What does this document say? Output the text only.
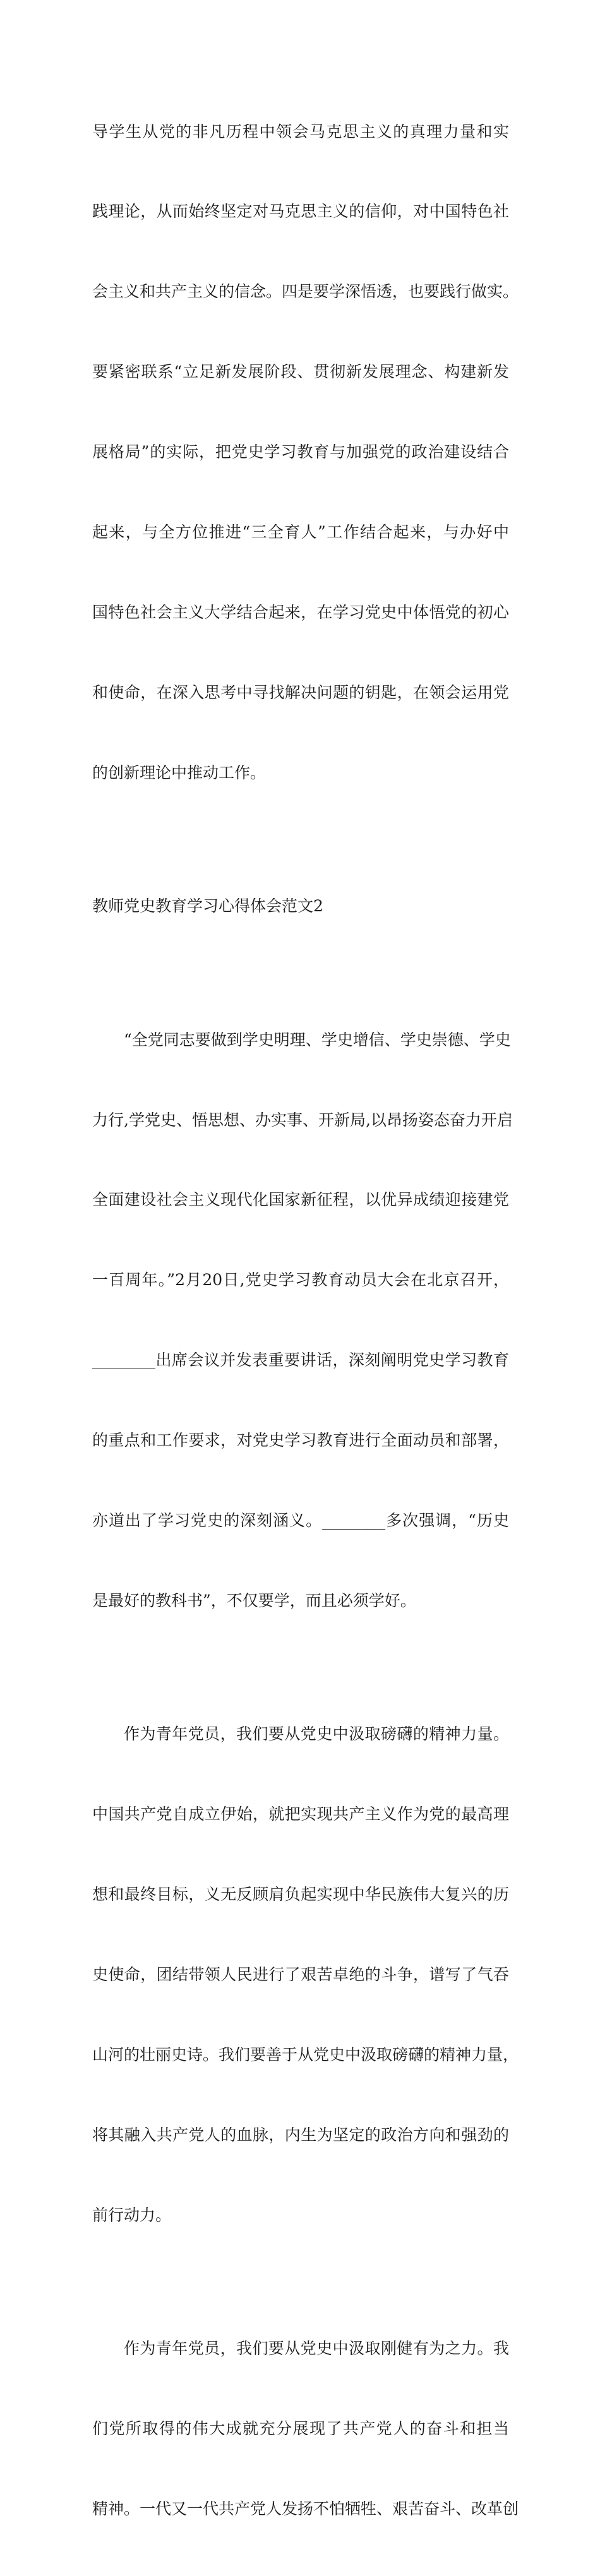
导学生从党的非凡历程中领会马克思主义的真理力量和实

践理论，从而始终坚定对马克思主义的信仰，对中国特色社

会主义和共产主义的信念。四是要学深悟透，也要践行做实。

要紧密联系“立足新发展阶段、贯彻新发展理念、构建新发

展格局”的实际，把党史学习教育与加强党的政治建设结合

起来，与全方位推进“三全育人”工作结合起来，与办好中

国特色社会主义大学结合起来，在学习党史中体悟党的初心

和使命，在深入思考中寻找解决问题的钥匙，在领会运用党

的创新理论中推动工作。

教师党史教育学习心得体会范文2

“全党同志要做到学史明理、学史增信、学史崇德、学史

力行,学党史、悟思想、办实事、开新局,以昂扬姿态奋力开启

全面建设社会主义现代化国家新征程，以优异成绩迎接建党

一百周年。”2月20日,党史学习教育动员大会在北京召开，

________出席会议并发表重要讲话，深刻阐明党史学习教育

的重点和工作要求，对党史学习教育进行全面动员和部署，

亦道出了学习党史的深刻涵义。________多次强调，“历史

是最好的教科书”，不仅要学，而且必须学好。

作为青年党员，我们要从党史中汲取磅礴的精神力量。

中国共产党自成立伊始，就把实现共产主义作为党的最高理

想和最终目标，义无反顾肩负起实现中华民族伟大复兴的历

史使命，团结带领人民进行了艰苦卓绝的斗争，谱写了气吞

山河的壮丽史诗。我们要善于从党史中汲取磅礴的精神力量，

将其融入共产党人的血脉，内生为坚定的政治方向和强劲的

前行动力。

作为青年党员，我们要从党史中汲取刚健有为之力。我

们党所取得的伟大成就充分展现了共产党人的奋斗和担当

精神。一代又一代共产党人发扬不怕牺牲、艰苦奋斗、改革创
